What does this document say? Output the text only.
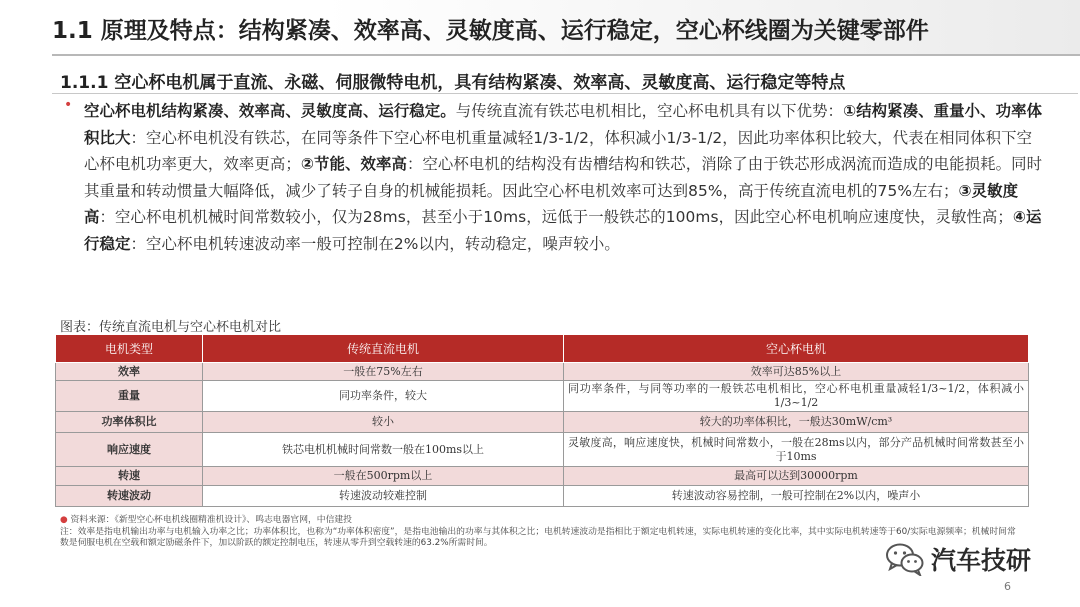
1.1 原理及特点：结构紧凑、效率高、灵敏度高、运行稳定，空心杯线圈为关键零部件
1.1.1 空心杯电机属于直流、永磁、伺服微特电机，具有结构紧凑、效率高、灵敏度高、运行稳定等特点
• 空心杯电机结构紧凑、效率高、灵敏度高、运行稳定。与传统直流有铁芯电机相比，空心杯电机具有以下优势：①结构紧凑、重量小、功率体积比大：空心杯电机没有铁芯，在同等条件下空心杯电机重量减轻1/3-1/2，体积减小1/3-1/2，因此功率体积比较大，代表在相同体积下空心杯电机功率更大，效率更高；②节能、效率高：空心杯电机的结构没有齿槽结构和铁芯，消除了由于铁芯形成涡流而造成的电能损耗。同时其重量和转动惯量大幅降低，减少了转子自身的机械能损耗。因此空心杯电机效率可达到85%，高于传统直流电机的75%左右；③灵敏度高：空心杯电机机械时间常数较小，仅为28ms，甚至小于10ms，远低于一般铁芯的100ms，因此空心杯电机响应速度快，灵敏性高；④运行稳定：空心杯电机转速波动率一般可控制在2%以内，转动稳定，噪声较小。
图表：传统直流电机与空心杯电机对比
电机类型	传统直流电机	空心杯电机
效率	一般在75%左右	效率可达85%以上
重量	同功率条件，较大	同功率条件，与同等功率的一般铁芯电机相比，空心杯电机重量减轻1/3~1/2，体积减小1/3~1/2
功率体积比	较小	较大的功率体积比，一般达30mW/cm³
响应速度	铁芯电机机械时间常数一般在100ms以上	灵敏度高，响应速度快，机械时间常数小，一般在28ms以内，部分产品机械时间常数甚至小于10ms
转速	一般在500rpm以上	最高可以达到30000rpm
转速波动	转速波动较难控制	转速波动容易控制，一般可控制在2%以内，噪声小
● 资料来源：《新型空心杯电机线圈精准机设计》、鸣志电器官网，中信建投
注：效率是指电机输出功率与电机输入功率之比；功率体积比，也称为“功率体积密度”，是指电池输出的功率与其体积之比；电机转速波动是指相比于额定电机转速，实际电机转速的变化比率，其中实际电机转速等于60/实际电源频率；机械时间常数是伺服电机在空载和额定励磁条件下，加以阶跃的额定控制电压，转速从零升到空载转速的63.2%所需时间。
汽车技研
6
